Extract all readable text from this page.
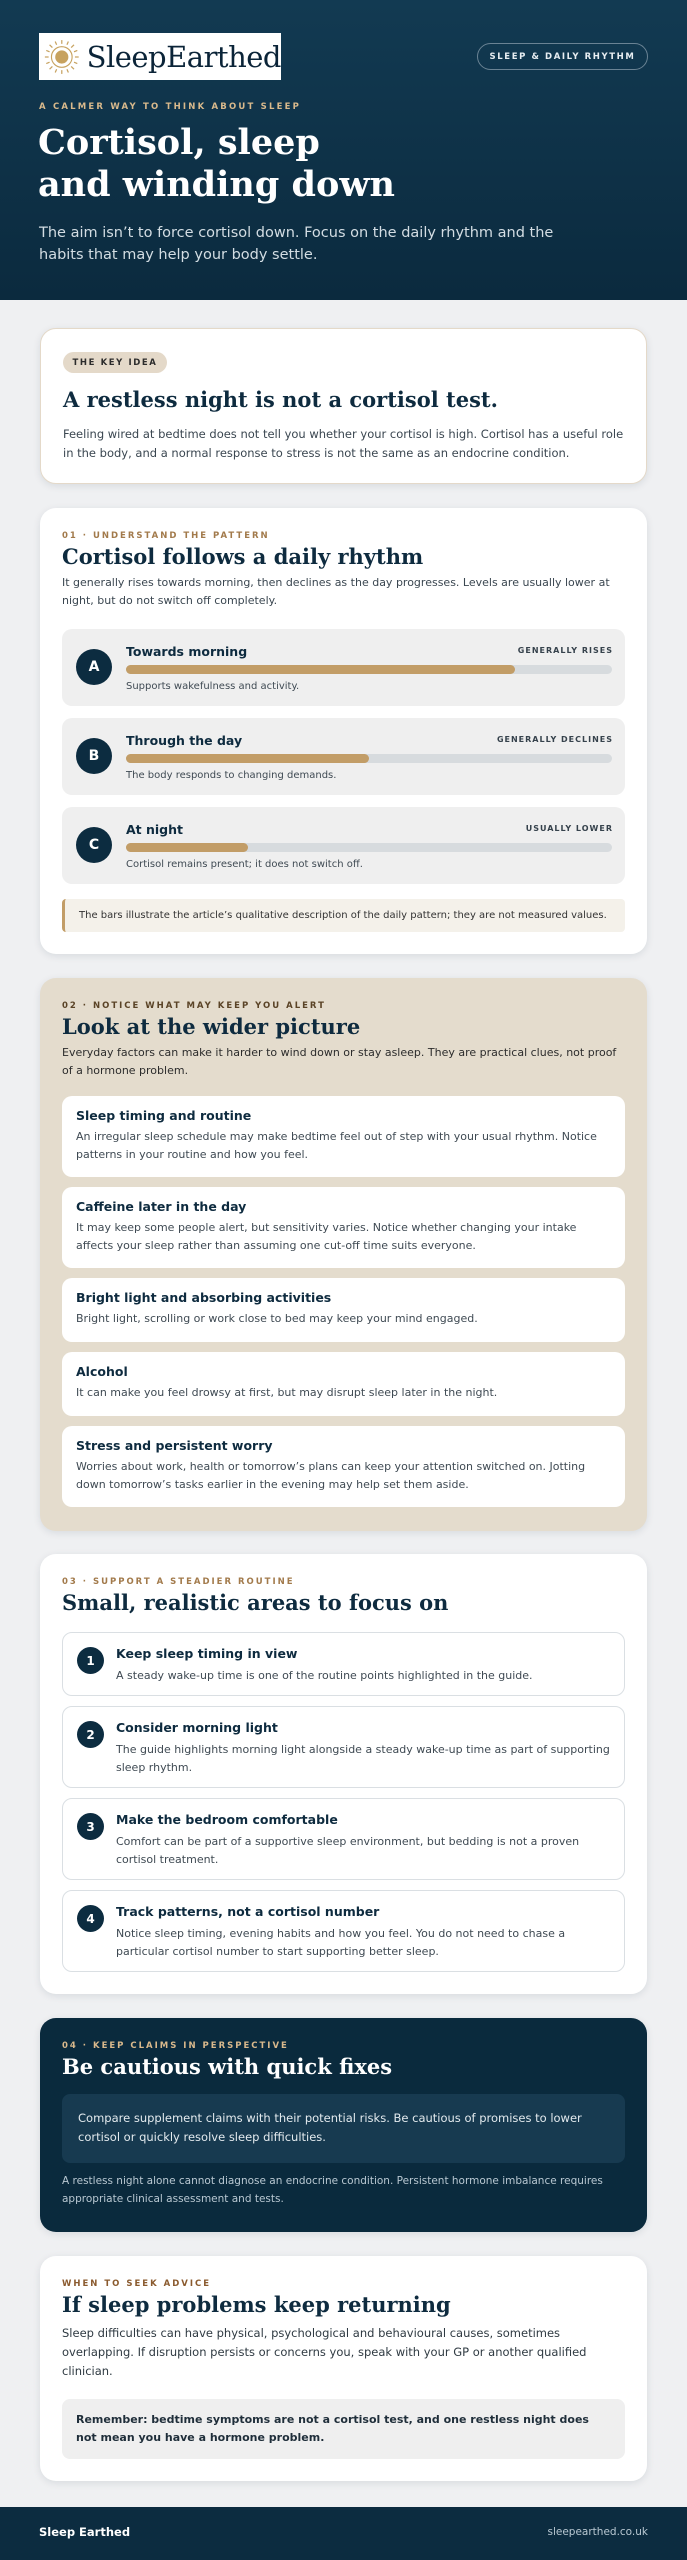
SleepEarthed	SLEEP & DAILY RHYTHM
A CALMER WAY TO THINK ABOUT SLEEP
Cortisol, sleep
and winding down

The aim isn’t to force cortisol down. Focus on the daily rhythm and the habits that may help your body settle.

THE KEY IDEA
A restless night is not a cortisol test.
Feeling wired at bedtime does not tell you whether your cortisol is high. Cortisol has a useful role in the body, and a normal response to stress is not the same as an endocrine condition.
01 · UNDERSTAND THE PATTERN
Cortisol follows a daily rhythm
It generally rises towards morning, then declines as the day progresses. Levels are usually lower at night, but do not switch off completely.
A
Towards morning	GENERALLY RISES
Supports wakefulness and activity.
B
Through the day	GENERALLY DECLINES
The body responds to changing demands.
C
At night	USUALLY LOWER
Cortisol remains present; it does not switch off.
The bars illustrate the article’s qualitative description of the daily pattern; they are not measured values.
02 · NOTICE WHAT MAY KEEP YOU ALERT
Look at the wider picture
Everyday factors can make it harder to wind down or stay asleep. They are practical clues, not proof of a hormone problem.
Sleep timing and routine

An irregular sleep schedule may make bedtime feel out of step with your usual rhythm. Notice patterns in your routine and how you feel.

Caffeine later in the day

It may keep some people alert, but sensitivity varies. Notice whether changing your intake affects your sleep rather than assuming one cut-off time suits everyone.

Bright light and absorbing activities

Bright light, scrolling or work close to bed may keep your mind engaged.

Alcohol

It can make you feel drowsy at first, but may disrupt sleep later in the night.

Stress and persistent worry

Worries about work, health or tomorrow’s plans can keep your attention switched on. Jotting down tomorrow’s tasks earlier in the evening may help set them aside.

03 · SUPPORT A STEADIER ROUTINE
Small, realistic areas to focus on
1	Keep sleep timing in view

A steady wake-up time is one of the routine points highlighted in the guide.

2	Consider morning light

The guide highlights morning light alongside a steady wake-up time as part of supporting sleep rhythm.

3	Make the bedroom comfortable

Comfort can be part of a supportive sleep environment, but bedding is not a proven cortisol treatment.

4	Track patterns, not a cortisol number

Notice sleep timing, evening habits and how you feel. You do not need to chase a particular cortisol number to start supporting better sleep.

04 · KEEP CLAIMS IN PERSPECTIVE
Be cautious with quick fixes
Compare supplement claims with their potential risks. Be cautious of promises to lower cortisol or quickly resolve sleep difficulties.
A restless night alone cannot diagnose an endocrine condition. Persistent hormone imbalance requires appropriate clinical assessment and tests.
WHEN TO SEEK ADVICE
If sleep problems keep returning
Sleep difficulties can have physical, psychological and behavioural causes, sometimes overlapping. If disruption persists or concerns you, speak with your GP or another qualified clinician.
Remember: bedtime symptoms are not a cortisol test, and one restless night does not mean you have a hormone problem.
Sleep Earthed	sleepearthed.co.uk
